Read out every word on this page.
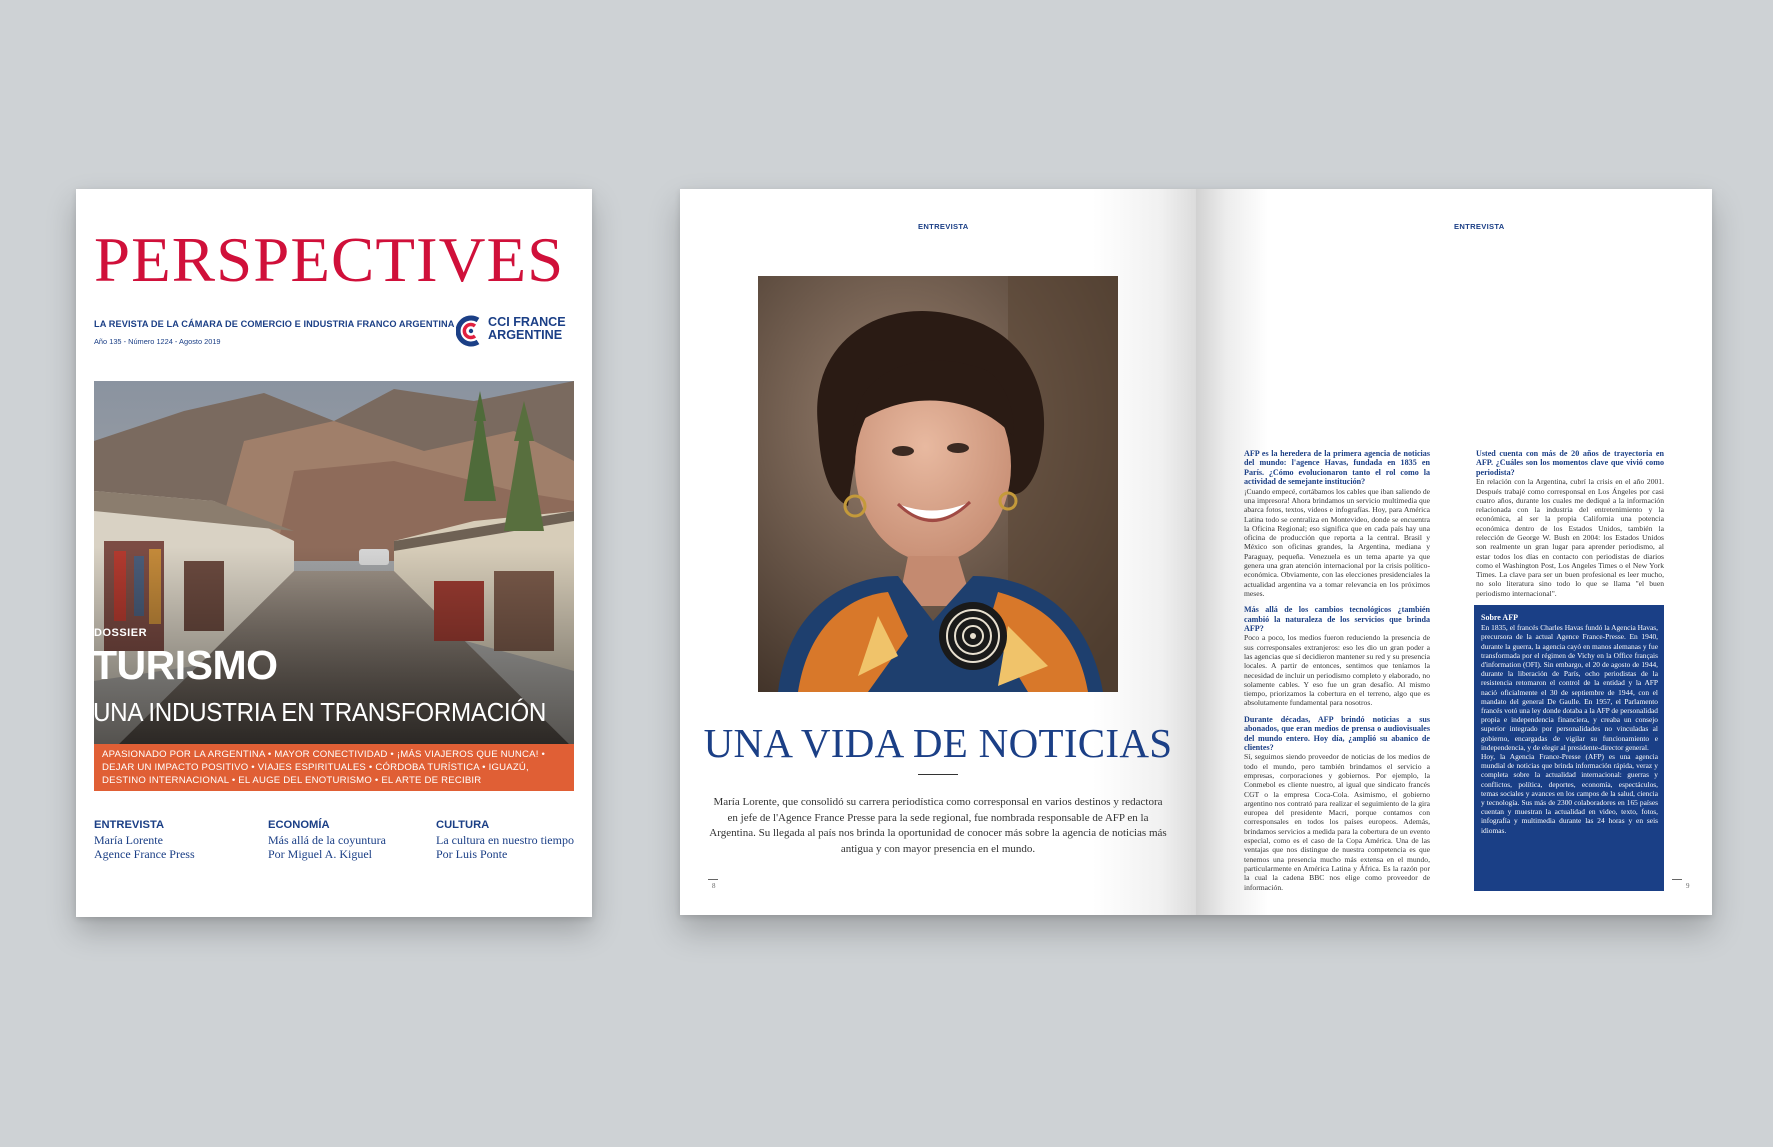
PERSPECTIVES
LA REVISTA DE LA CÁMARA DE COMERCIO E INDUSTRIA FRANCO ARGENTINA
Año 135 - Número 1224 - Agosto 2019
CCI FRANCE
ARGENTINE
DOSSIER
TURISMO
UNA INDUSTRIA EN TRANSFORMACIÓN
APASIONADO POR LA ARGENTINA • MAYOR CONECTIVIDAD • ¡MÁS VIAJEROS QUE NUNCA! • DEJAR UN IMPACTO POSITIVO • VIAJES ESPIRITUALES • CÓRDOBA TURÍSTICA • IGUAZÚ, DESTINO INTERNACIONAL • EL AUGE DEL ENOTURISMO • EL ARTE DE RECIBIR
ENTREVISTA
María Lorente
Agence France Press
ECONOMÍA
Más allá de la coyuntura
Por Miguel A. Kiguel
CULTURA
La cultura en nuestro tiempo
Por Luis Ponte
ENTREVISTA
UNA VIDA DE NOTICIAS
María Lorente, que consolidó su carrera periodística como corresponsal en varios destinos y redactora en jefe de l'Agence France Presse para la sede regional, fue nombrada responsable de AFP en la Argentina. Su llegada al país nos brinda la oportunidad de conocer más sobre la agencia de noticias más antigua y con mayor presencia en el mundo.
8
ENTREVISTA

AFP es la heredera de la primera agencia de noticias del mundo: l'agence Havas, fundada en 1835 en París. ¿Cómo evolucionaron tanto el rol como la actividad de semejante institución?

¡Cuando empecé, cortábamos los cables que iban saliendo de una impresora! Ahora brindamos un servicio multimedia que abarca fotos, textos, videos e infografías. Hoy, para América Latina todo se centraliza en Montevideo, donde se encuentra la Oficina Regional; eso significa que en cada país hay una oficina de producción que reporta a la central. Brasil y México son oficinas grandes, la Argentina, mediana y Paraguay, pequeña. Venezuela es un tema aparte ya que genera una gran atención internacional por la crisis político-económica. Obviamente, con las elecciones presidenciales la actualidad argentina va a tomar relevancia en los próximos meses.

Más allá de los cambios tecnológicos ¿también cambió la naturaleza de los servicios que brinda AFP?

Poco a poco, los medios fueron reduciendo la presencia de sus corresponsales extranjeros: eso les dio un gran poder a las agencias que sí decidieron mantener su red y su presencia locales. A partir de entonces, sentimos que teníamos la necesidad de incluir un periodismo completo y elaborado, no solamente cables. Y eso fue un gran desafío. Al mismo tiempo, priorizamos la cobertura en el terreno, algo que es absolutamente fundamental para nosotros.

Durante décadas, AFP brindó noticias a sus abonados, que eran medios de prensa o audiovisuales del mundo entero. Hoy día, ¿amplió su abanico de clientes?

Sí, seguimos siendo proveedor de noticias de los medios de todo el mundo, pero también brindamos el servicio a empresas, corporaciones y gobiernos. Por ejemplo, la Conmebol es cliente nuestro, al igual que sindicato francés CGT o la empresa Coca-Cola. Asimismo, el gobierno argentino nos contrató para realizar el seguimiento de la gira europea del presidente Macri, porque contamos con corresponsales en todos los países europeos. Además, brindamos servicios a medida para la cobertura de un evento especial, como es el caso de la Copa América. Una de las ventajas que nos distingue de nuestra competencia es que tenemos una presencia mucho más extensa en el mundo, particularmente en América Latina y África. Es la razón por la cual la cadena BBC nos elige como proveedor de información.

Usted cuenta con más de 20 años de trayectoria en AFP. ¿Cuáles son los momentos clave que vivió como periodista?

En relación con la Argentina, cubrí la crisis en el año 2001. Después trabajé como corresponsal en Los Ángeles por casi cuatro años, durante los cuales me dediqué a la información relacionada con la industria del entretenimiento y la económica, al ser la propia California una potencia económica dentro de los Estados Unidos, también la relección de George W. Bush en 2004: los Estados Unidos son realmente un gran lugar para aprender periodismo, al estar todos los días en contacto con periodistas de diarios como el Washington Post, Los Angeles Times o el New York Times. La clave para ser un buen profesional es leer mucho, no solo literatura sino todo lo que se llama "el buen periodismo internacional".

Sobre AFP
En 1835, el francés Charles Havas fundó la Agencia Havas, precursora de la actual Agence France-Presse. En 1940, durante la guerra, la agencia cayó en manos alemanas y fue transformada por el régimen de Vichy en la Office français d'information (OFI). Sin embargo, el 20 de agosto de 1944, durante la liberación de París, ocho periodistas de la resistencia retomaron el control de la entidad y la AFP nació oficialmente el 30 de septiembre de 1944, con el mandato del general De Gaulle. En 1957, el Parlamento francés votó una ley donde dotaba a la AFP de personalidad propia e independencia financiera, y creaba un consejo superior integrado por personalidades no vinculadas al gobierno, encargadas de vigilar su funcionamiento e independencia, y de elegir al presidente-director general.
Hoy, la Agencia France-Presse (AFP) es una agencia mundial de noticias que brinda información rápida, veraz y completa sobre la actualidad internacional: guerras y conflictos, política, deportes, economía, espectáculos, temas sociales y avances en los campos de la salud, ciencia y tecnología. Sus más de 2300 colaboradores en 165 países cuentan y muestran la actualidad en video, texto, fotos, infografía y multimedia durante las 24 horas y en seis idiomas.
9
